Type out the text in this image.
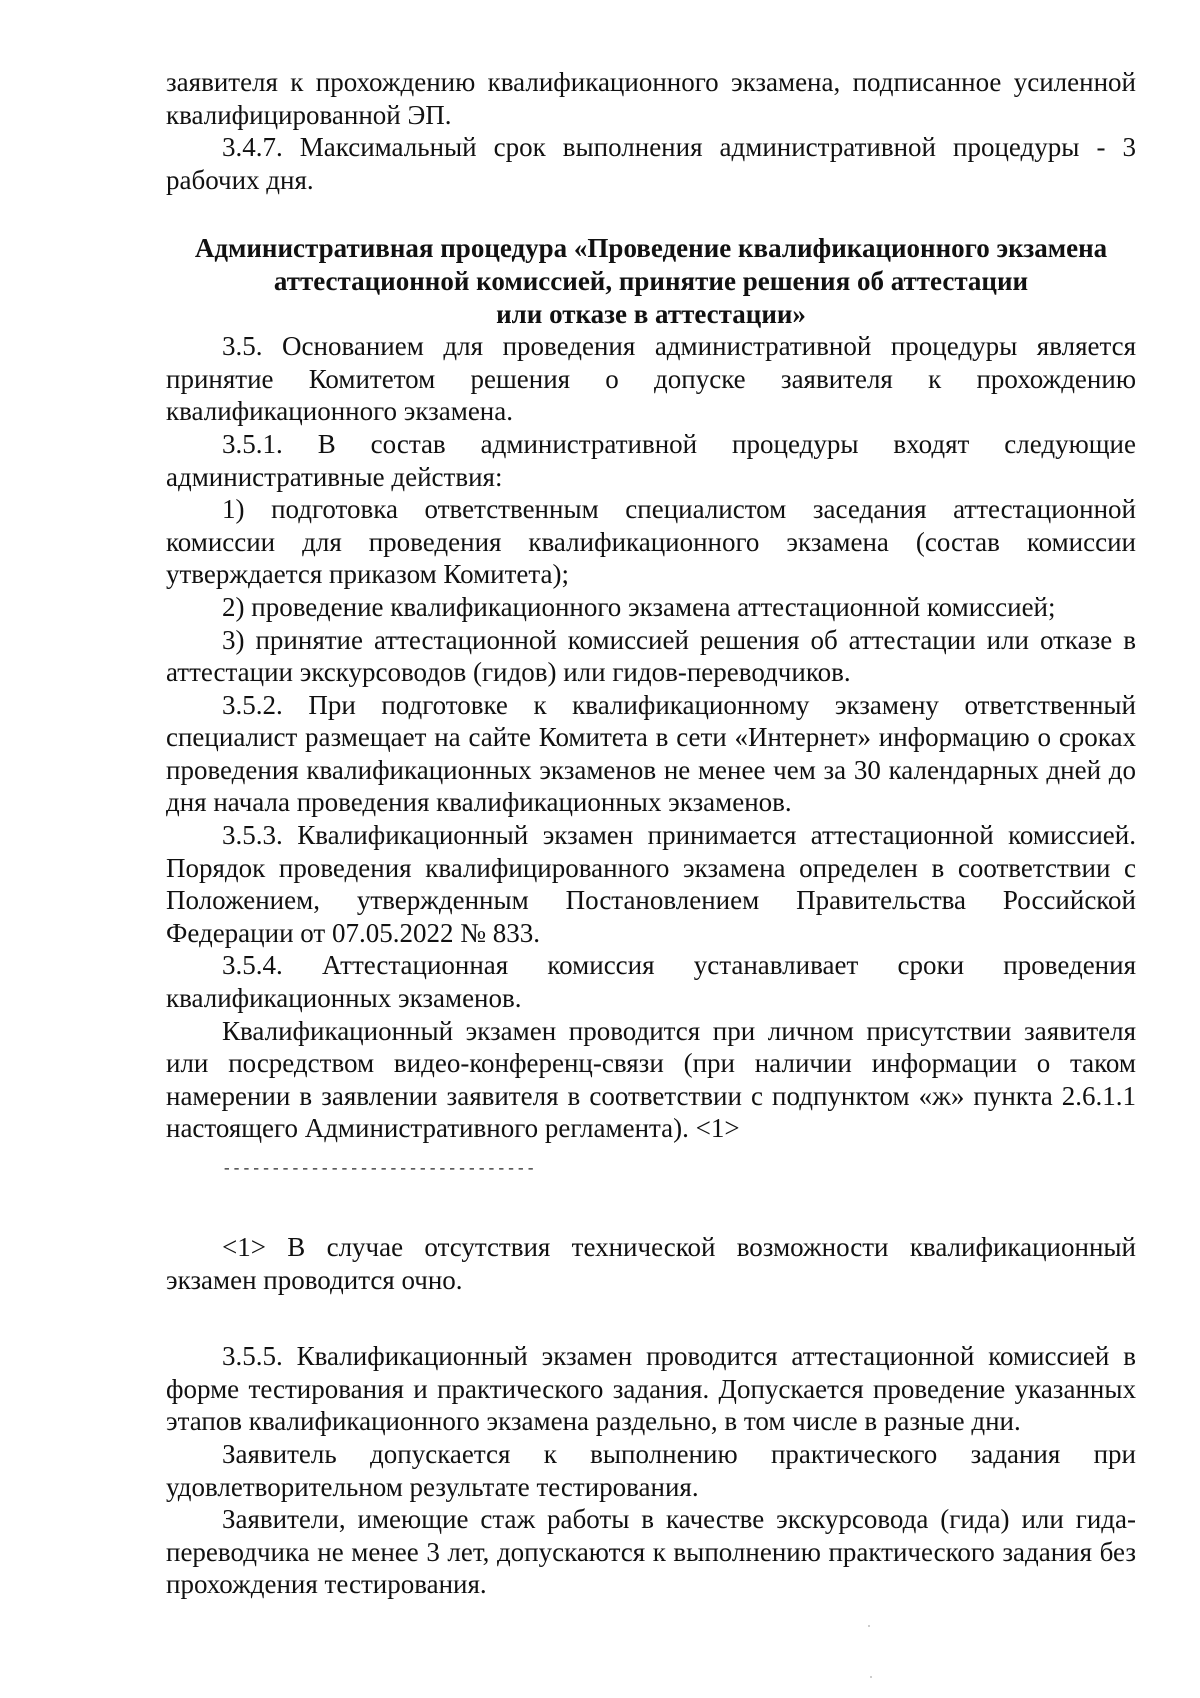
заявителя к прохождению квалификационного экзамена, подписанное усиленной квалифицированной ЭП.

3.4.7. Максимальный срок выполнения административной процедуры - 3 рабочих дня.

Административная процедура «Проведение квалификационного экзамена
аттестационной комиссией, принятие решения об аттестации
или отказе в аттестации»

3.5. Основанием для проведения административной процедуры является принятие Комитетом решения о допуске заявителя к прохождению квалификационного экзамена.

3.5.1. В состав административной процедуры входят следующие административные действия:

1) подготовка ответственным специалистом заседания аттестационной комиссии для проведения квалификационного экзамена (состав комиссии утверждается приказом Комитета);

2) проведение квалификационного экзамена аттестационной комиссией;

3) принятие аттестационной комиссией решения об аттестации или отказе в аттестации экскурсоводов (гидов) или гидов-переводчиков.

3.5.2. При подготовке к квалификационному экзамену ответственный специалист размещает на сайте Комитета в сети «Интернет» информацию о сроках проведения квалификационных экзаменов не менее чем за 30 календарных дней до дня начала проведения квалификационных экзаменов.

3.5.3. Квалификационный экзамен принимается аттестационной комиссией. Порядок проведения квалифицированного экзамена определен в соответствии с Положением, утвержденным Постановлением Правительства Российской Федерации от 07.05.2022 № 833.

3.5.4. Аттестационная комиссия устанавливает сроки проведения квалификационных экзаменов.

Квалификационный экзамен проводится при личном присутствии заявителя или посредством видео-конференц-связи (при наличии информации о таком намерении в заявлении заявителя в соответствии с подпунктом «ж» пункта 2.6.1.1 настоящего Административного регламента). <1>

--------------------------------

<1> В случае отсутствия технической возможности квалификационный экзамен проводится очно.

3.5.5. Квалификационный экзамен проводится аттестационной комиссией в форме тестирования и практического задания. Допускается проведение указанных этапов квалификационного экзамена раздельно, в том числе в разные дни.

Заявитель допускается к выполнению практического задания при удовлетворительном результате тестирования.

Заявители, имеющие стаж работы в качестве экскурсовода (гида) или гида-переводчика не менее 3 лет, допускаются к выполнению практического задания без прохождения тестирования.
